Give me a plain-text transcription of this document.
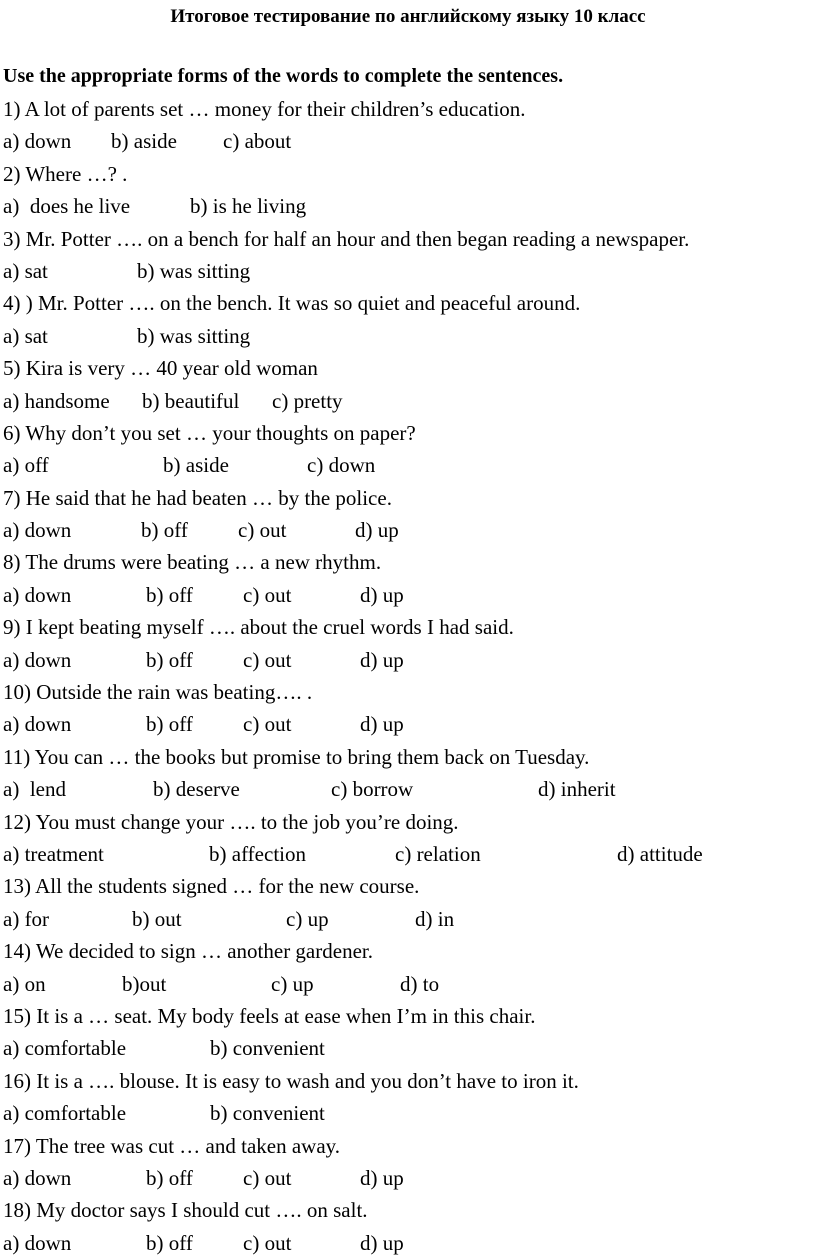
Итоговое тестирование по английскому языку 10 класс
Use the appropriate forms of the words to complete the sentences.
1) A lot of parents set … money for their children’s education.
a) down b) aside c) about
2) Where …? .
a)  does he live	b) is he living
3) Mr. Potter …. on a bench for half an hour and then began reading a newspaper.
a) sat	b) was sitting
4) ) Mr. Potter …. on the bench. It was so quiet and peaceful around.
a) sat	b) was sitting
5) Kira is very … 40 year old woman
a) handsome b) beautiful c) pretty
6) Why don’t you set … your thoughts on paper?
a) off	b) aside	c) down
7) He said that he had beaten … by the police.
a) down	b) off c) out	d) up
8) The drums were beating … a new rhythm.
a) down	b) off c) out	d) up
9) I kept beating myself …. about the cruel words I had said.
a) down	b) off c) out	d) up
10) Outside the rain was beating…. .
a) down	b) off c) out	d) up
11) You can … the books but promise to bring them back on Tuesday.
a)  lend	b) deserve	c) borrow	d) inherit
12) You must change your …. to the job you’re doing.
a) treatment	b) affection	c) relation	d) attitude
13) All the students signed … for the new course.
a) for	b) out	c) up	d) in
14) We decided to sign … another gardener.
a) on	b)out	c) up	d) to
15) It is a … seat. My body feels at ease when I’m in this chair.
a) comfortable	b) convenient
16) It is a …. blouse. It is easy to wash and you don’t have to iron it.
a) comfortable	b) convenient
17) The tree was cut … and taken away.
a) down	b) off c) out	d) up
18) My doctor says I should cut …. on salt.
a) down	b) off c) out	d) up
